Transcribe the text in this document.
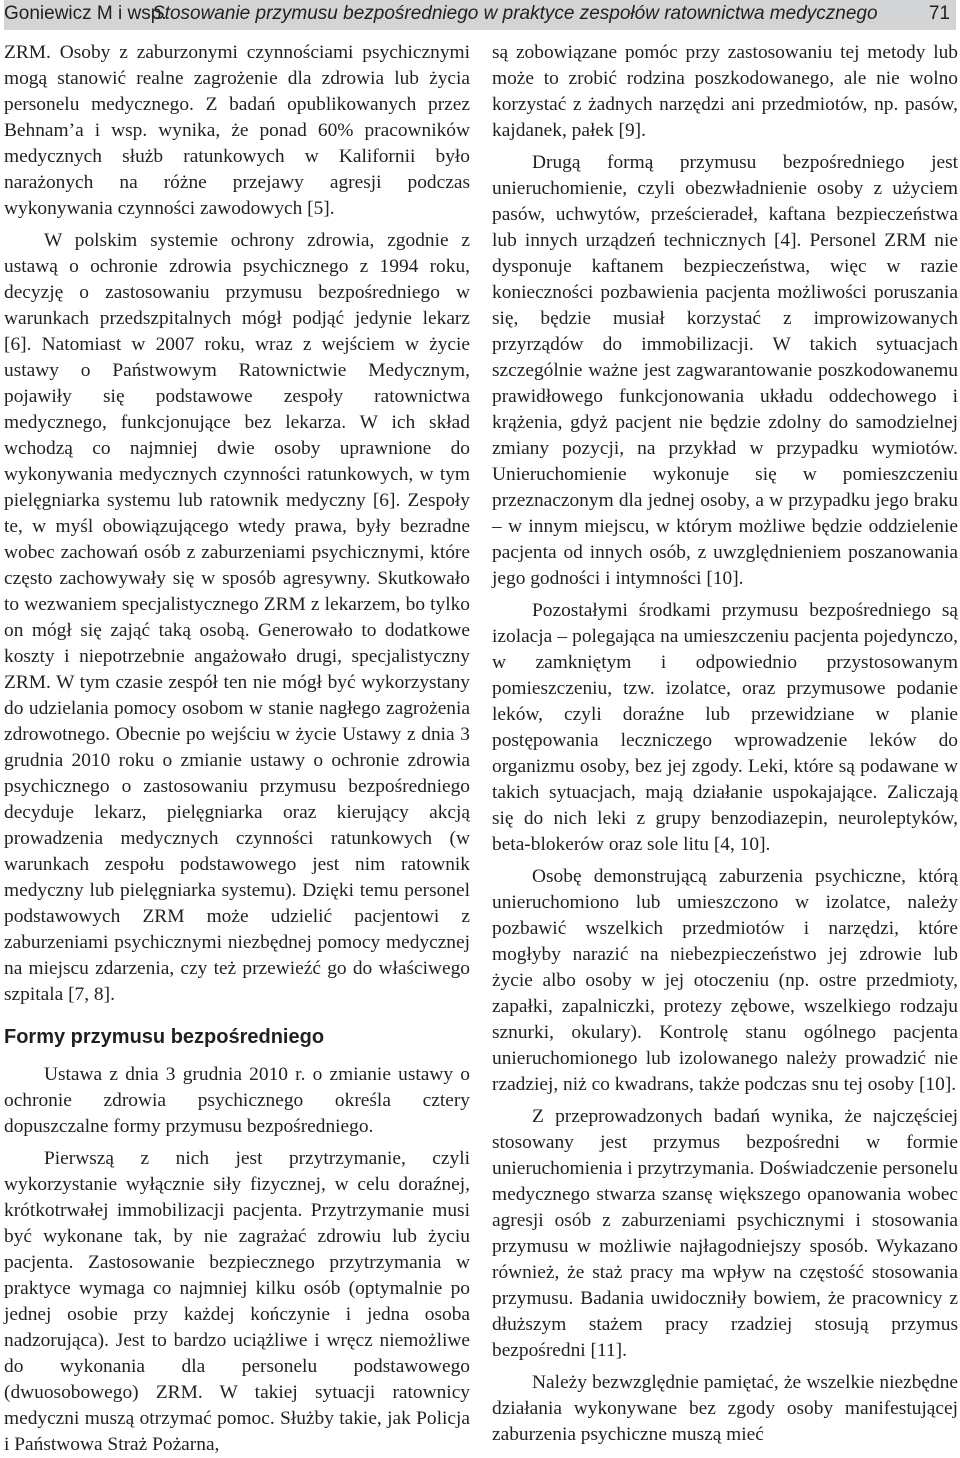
Goniewicz M i wsp.
Stosowanie przymusu bezpośredniego w praktyce zespołów ratownictwa medycznego	71

ZRM. Osoby z zaburzonymi czynnościami psychicznymi mogą stanowić realne zagrożenie dla zdrowia lub życia personelu medycznego. Z badań opublikowanych przez Behnam’a i wsp. wynika, że ponad 60% pracowników medycznych służb ratunkowych w Kalifornii było narażonych na różne przejawy agresji podczas wykonywania czynności zawodowych [5].

W polskim systemie ochrony zdrowia, zgodnie z ustawą o ochronie zdrowia psychicznego z 1994 roku, decyzję o zastosowaniu przymusu bezpośredniego w warunkach przedszpitalnych mógł podjąć jedynie lekarz [6]. Natomiast w 2007 roku, wraz z wejściem w życie ustawy o Państwowym Ratownictwie Medycznym, pojawiły się podstawowe zespoły ratownictwa medycznego, funkcjonujące bez lekarza. W ich skład wchodzą co najmniej dwie osoby uprawnione do wykonywania medycznych czynności ratunkowych, w tym pielęgniarka systemu lub ratownik medyczny [6]. Zespoły te, w myśl obowiązującego wtedy prawa, były bezradne wobec zachowań osób z zaburzeniami psychicznymi, które często zachowywały się w sposób agresywny. Skutkowało to wezwaniem specjalistycznego ZRM z lekarzem, bo tylko on mógł się zająć taką osobą. Generowało to dodatkowe koszty i niepotrzebnie angażowało drugi, specjalistyczny ZRM. W tym czasie zespół ten nie mógł być wykorzystany do udzielania pomocy osobom w stanie nagłego zagrożenia zdrowotnego. Obecnie po wejściu w życie Ustawy z dnia 3 grudnia 2010 roku o zmianie ustawy o ochronie zdrowia psychicznego o zastosowaniu przymusu bezpośredniego decyduje lekarz, pielęgniarka oraz kierujący akcją prowadzenia medycznych czynności ratunkowych (w warunkach zespołu podstawowego jest nim ratownik medyczny lub pielęgniarka systemu). Dzięki temu personel podstawowych ZRM może udzielić pacjentowi z zaburzeniami psychicznymi niezbędnej pomocy medycznej na miejscu zdarzenia, czy też przewieźć go do właściwego szpitala [7, 8].

Formy przymusu bezpośredniego

Ustawa z dnia 3 grudnia 2010 r. o zmianie ustawy o ochronie zdrowia psychicznego określa cztery dopuszczalne formy przymusu bezpośredniego.

Pierwszą z nich jest przytrzymanie, czyli wykorzystanie wyłącznie siły fizycznej, w celu doraźnej, krótkotrwałej immobilizacji pacjenta. Przytrzymanie musi być wykonane tak, by nie zagrażać zdrowiu lub życiu pacjenta. Zastosowanie bezpiecznego przytrzymania w praktyce wymaga co najmniej kilku osób (optymalnie po jednej osobie przy każdej kończynie i jedna osoba nadzorująca). Jest to bardzo uciążliwe i wręcz niemożliwe do wykonania dla personelu podstawowego (dwuosobowego) ZRM. W takiej sytuacji ratownicy medyczni muszą otrzymać pomoc. Służby takie, jak Policja i Państwowa Straż Pożarna,

są zobowiązane pomóc przy zastosowaniu tej metody lub może to zrobić rodzina poszkodowanego, ale nie wolno korzystać z żadnych narzędzi ani przedmiotów, np. pasów, kajdanek, pałek [9].

Drugą formą przymusu bezpośredniego jest unieruchomienie, czyli obezwładnienie osoby z użyciem pasów, uchwytów, prześcieradeł, kaftana bezpieczeństwa lub innych urządzeń technicznych [4]. Personel ZRM nie dysponuje kaftanem bezpieczeństwa, więc w razie konieczności pozbawienia pacjenta możliwości poruszania się, będzie musiał korzystać z improwizowanych przyrządów do immobilizacji. W takich sytuacjach szczególnie ważne jest zagwarantowanie poszkodowanemu prawidłowego funkcjonowania układu oddechowego i krążenia, gdyż pacjent nie będzie zdolny do samodzielnej zmiany pozycji, na przykład w przypadku wymiotów. Unieruchomienie wykonuje się w pomieszczeniu przeznaczonym dla jednej osoby, a w przypadku jego braku – w innym miejscu, w którym możliwe będzie oddzielenie pacjenta od innych osób, z uwzględnieniem poszanowania jego godności i intymności [10].

Pozostałymi środkami przymusu bezpośredniego są izolacja – polegająca na umieszczeniu pacjenta pojedynczo, w zamkniętym i odpowiednio przystosowanym pomieszczeniu, tzw. izolatce, oraz przymusowe podanie leków, czyli doraźne lub przewidziane w planie postępowania leczniczego wprowadzenie leków do organizmu osoby, bez jej zgody. Leki, które są podawane w takich sytuacjach, mają działanie uspokajające. Zaliczają się do nich leki z grupy benzodiazepin, neuroleptyków, beta-blokerów oraz sole litu [4, 10].

Osobę demonstrującą zaburzenia psychiczne, którą unieruchomiono lub umieszczono w izolatce, należy pozbawić wszelkich przedmiotów i narzędzi, które mogłyby narazić na niebezpieczeństwo jej zdrowie lub życie albo osoby w jej otoczeniu (np. ostre przedmioty, zapałki, zapalniczki, protezy zębowe, wszelkiego rodzaju sznurki, okulary). Kontrolę stanu ogólnego pacjenta unieruchomionego lub izolowanego należy prowadzić nie rzadziej, niż co kwadrans, także podczas snu tej osoby [10].

Z przeprowadzonych badań wynika, że najczęściej stosowany jest przymus bezpośredni w formie unieruchomienia i przytrzymania. Doświadczenie personelu medycznego stwarza szansę większego opanowania wobec agresji osób z zaburzeniami psychicznymi i stosowania przymusu w możliwie najłagodniejszy sposób. Wykazano również, że staż pracy ma wpływ na częstość stosowania przymusu. Badania uwidoczniły bowiem, że pracownicy z dłuższym stażem pracy rzadziej stosują przymus bezpośredni [11].

Należy bezwzględnie pamiętać, że wszelkie niezbędne działania wykonywane bez zgody osoby manifestującej zaburzenia psychiczne muszą mieć
